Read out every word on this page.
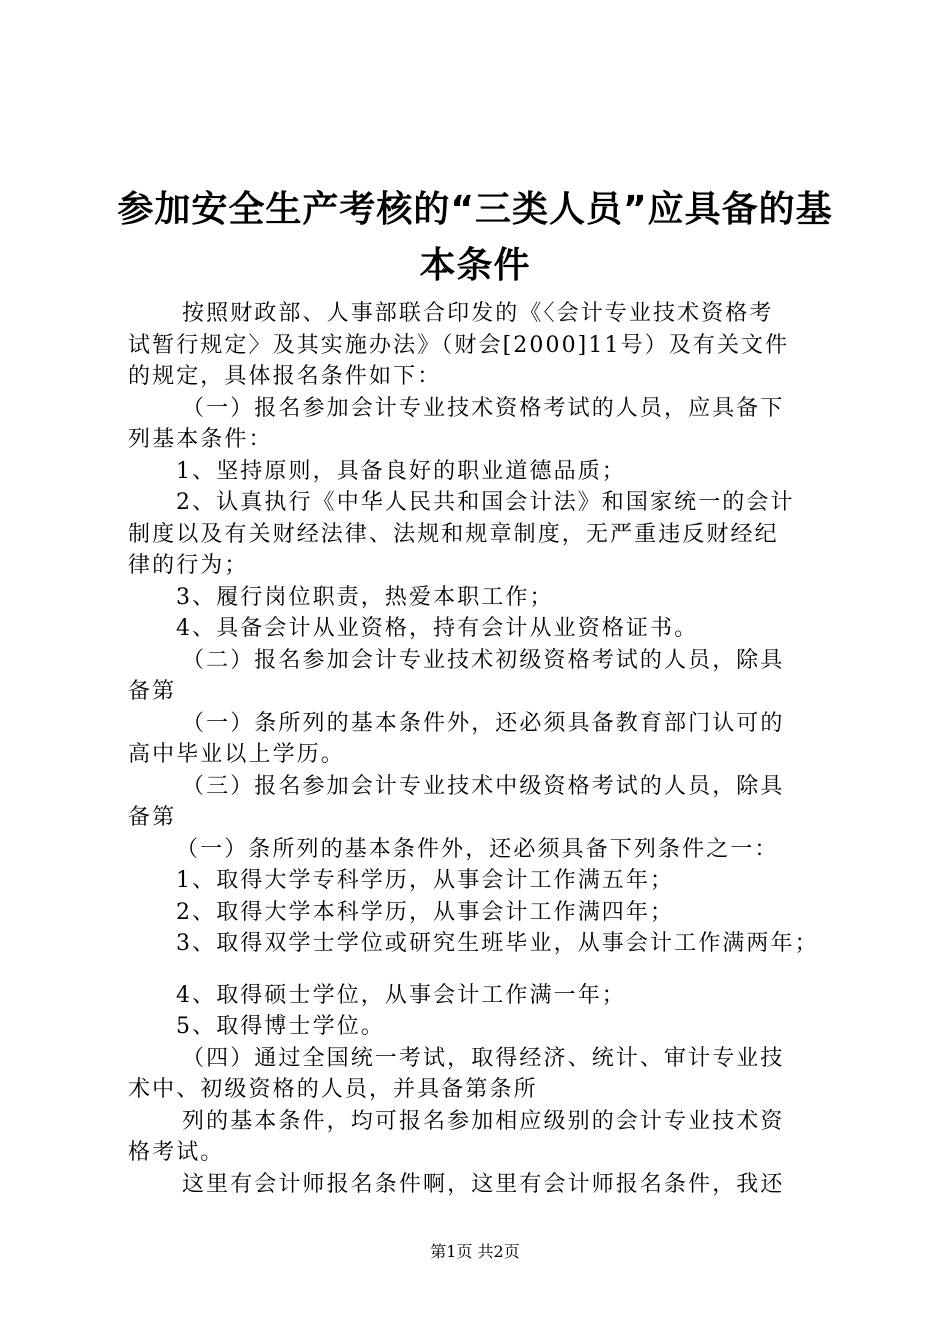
参加安全生产考核的“三类人员”应具备的基
本条件
按照财政部、人事部联合印发的《〈会计专业技术资格考
试暂行规定〉及其实施办法》（财会[2000]11号）及有关文件
的规定，具体报名条件如下：
（一）报名参加会计专业技术资格考试的人员，应具备下
列基本条件：
1、坚持原则，具备良好的职业道德品质；
2、认真执行《中华人民共和国会计法》和国家统一的会计
制度以及有关财经法律、法规和规章制度，无严重违反财经纪
律的行为；
3、履行岗位职责，热爱本职工作；
4、具备会计从业资格，持有会计从业资格证书。
（二）报名参加会计专业技术初级资格考试的人员，除具
备第
（一）条所列的基本条件外，还必须具备教育部门认可的
高中毕业以上学历。
（三）报名参加会计专业技术中级资格考试的人员，除具
备第
（一）条所列的基本条件外，还必须具备下列条件之一：
1、取得大学专科学历，从事会计工作满五年；
2、取得大学本科学历，从事会计工作满四年；
3、取得双学士学位或研究生班毕业，从事会计工作满两年；
4、取得硕士学位，从事会计工作满一年；
5、取得博士学位。
（四）通过全国统一考试，取得经济、统计、审计专业技
术中、初级资格的人员，并具备第条所
列的基本条件，均可报名参加相应级别的会计专业技术资
格考试。
这里有会计师报名条件啊，这里有会计师报名条件，我还
第1页 共2页
